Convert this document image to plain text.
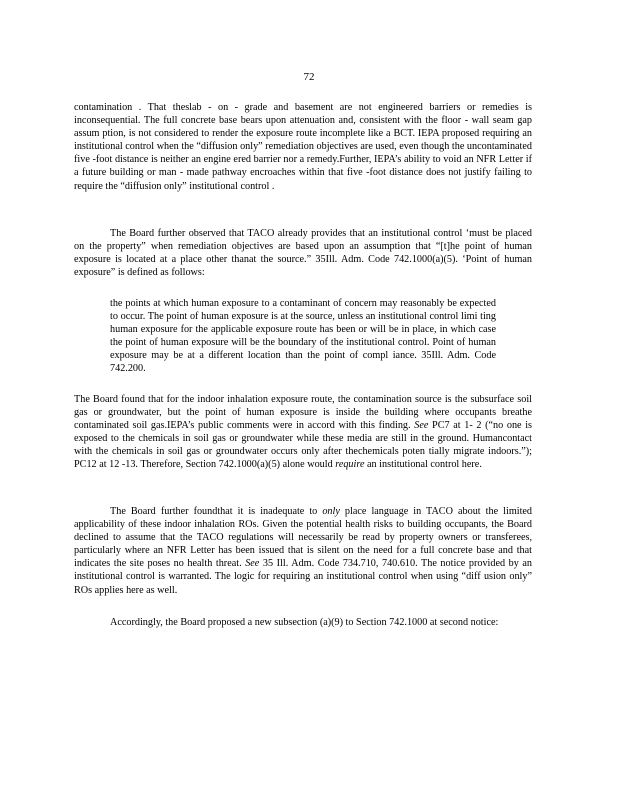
72

contamination . That theslab - on - grade and basement are not engineered barriers or remedies is inconsequential. The full concrete base bears upon attenuation and, consistent with the floor - wall seam gap assum ption, is not considered to render the exposure route incomplete like a BCT. IEPA proposed requiring an institutional control when the “diffusion only” remediation objectives are used, even though the uncontaminated five -foot distance is neither an engine ered barrier nor a remedy.Further, IEPA’s ability to void an NFR Letter if a future building or man - made pathway encroaches within that five -foot distance does not justify failing to require the “diffusion only” institutional control .

The Board further observed that TACO already provides that an institutional control ‘must be placed on the property” when remediation objectives are based upon an assumption that “[t]he point of human exposure is located at a place other thanat the source.” 35Ill. Adm. Code 742.1000(a)(5). ‘Point of human exposure” is defined as follows:

the points at which human exposure to a contaminant of concern may reasonably be expected to occur. The point of human exposure is at the source, unless an institutional control limi ting human exposure for the applicable exposure route has been or will be in place, in which case the point of human exposure will be the boundary of the institutional control. Point of human exposure may be at a different location than the point of compl iance. 35Ill. Adm. Code 742.200.

The Board found that for the indoor inhalation exposure route, the contamination source is the subsurface soil gas or groundwater, but the point of human exposure is inside the building where occupants breathe contaminated soil gas.IEPA’s public comments were in accord with this finding. See PC7 at 1- 2 (“no one is exposed to the chemicals in soil gas or groundwater while these media are still in the ground. Humancontact with the chemicals in soil gas or groundwater occurs only after thechemicals poten tially migrate indoors.”); PC12 at 12 -13. Therefore, Section 742.1000(a)(5) alone would require an institutional control here.

The Board further foundthat it is inadequate to only place language in TACO about the limited applicability of these indoor inhalation ROs. Given the potential health risks to building occupants, the Board declined to assume that the TACO regulations will necessarily be read by property owners or transferees, particularly where an NFR Letter has been issued that is silent on the need for a full concrete base and that indicates the site poses no health threat. See 35 Ill. Adm. Code 734.710, 740.610. The notice provided by an institutional control is warranted. The logic for requiring an institutional control when using “diff usion only” ROs applies here as well.

Accordingly, the Board proposed a new subsection (a)(9) to Section 742.1000 at second notice:
